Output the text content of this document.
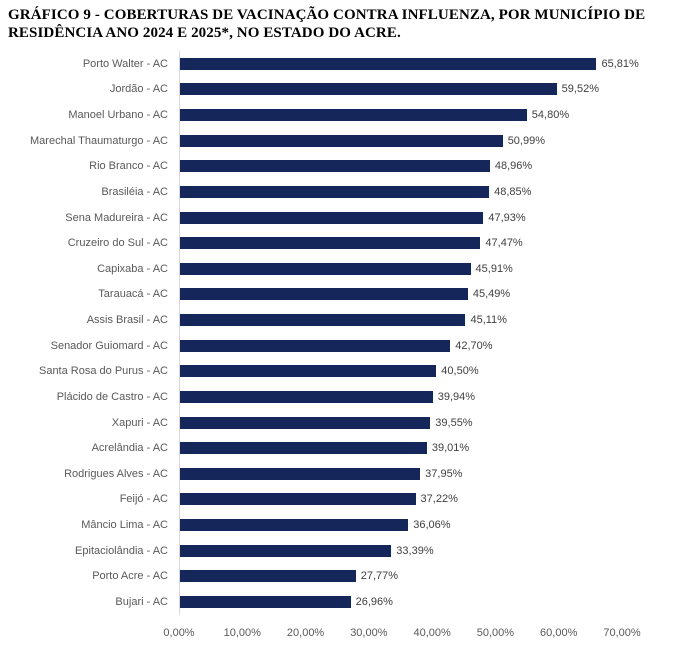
GRÁFICO 9 - COBERTURAS DE VACINAÇÃO CONTRA INFLUENZA, POR MUNICÍPIO DE
RESIDÊNCIA ANO 2024 E 2025*, NO ESTADO DO ACRE.
Porto Walter - AC	65,81%
Jordão - AC	59,52%
Manoel Urbano - AC	54,80%
Marechal Thaumaturgo - AC	50,99%
Rio Branco - AC	48,96%
Brasiléia - AC	48,85%
Sena Madureira - AC	47,93%
Cruzeiro do Sul - AC	47,47%
Capixaba - AC	45,91%
Tarauacá - AC	45,49%
Assis Brasil - AC	45,11%
Senador Guiomard - AC	42,70%
Santa Rosa do Purus - AC	40,50%
Plácido de Castro - AC	39,94%
Xapuri - AC	39,55%
Acrelândia - AC	39,01%
Rodrigues Alves - AC	37,95%
Feijó - AC	37,22%
Mâncio Lima - AC	36,06%
Epitaciolândia - AC	33,39%
Porto Acre - AC	27,77%
Bujari - AC	26,96%
0,00%	10,00% 20,00% 30,00% 40,00% 50,00% 60,00% 70,00%
